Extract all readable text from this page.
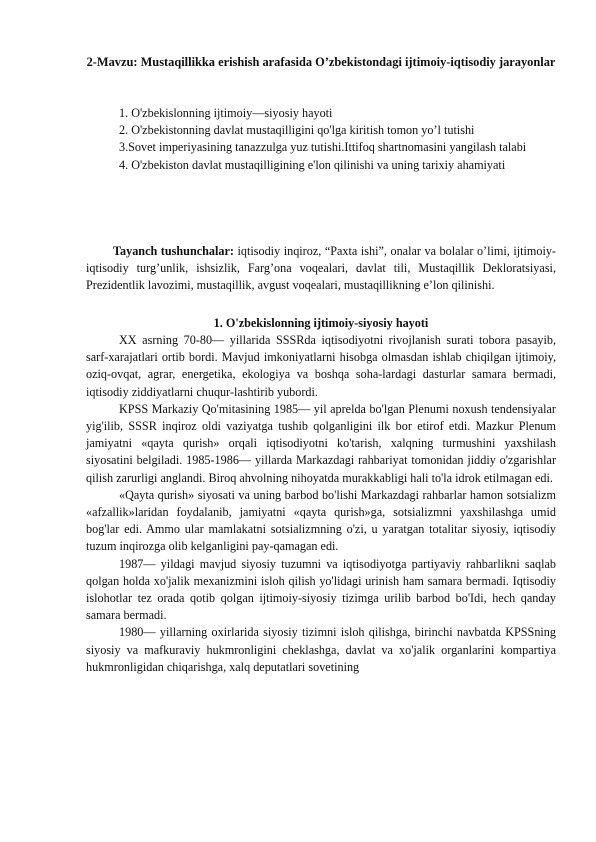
2-Mavzu: Mustaqillikka erishish arafasida O’zbekistondagi ijtimoiy-iqtisodiy jarayonlar
1. O'zbekislonning ijtimoiy—siyosiy hayoti
2. O'zbekistonning davlat mustaqilligini qo'lga kiritish tomon yo’l tutishi
3.Sovet imperiyasining tanazzulga yuz tutishi.Ittifoq shartnomasini yangilash talabi
4. O'zbekiston davlat mustaqilligining e'lon qilinishi va uning tarixiy ahamiyati
Tayanch tushunchalar: iqtisodiy inqiroz, “Paxta ishi”, onalar va bolalar o’limi, ijtimoiy-iqtisodiy turg’unlik, ishsizlik, Farg’ona voqealari, davlat tili, Mustaqillik Dekloratsiyasi, Prezidentlik lavozimi, mustaqillik, avgust voqealari, mustaqillikning e’lon qilinishi.
1. O'zbekislonning ijtimoiy-siyosiy hayoti

XX asrning 70-80— yillarida SSSRda iqtisodiyotni rivojlanish surati tobora pasayib, sarf-xarajatlari ortib bordi. Mavjud imkoniyatlarni hisobga olmasdan ishlab chiqilgan ijtimoiy, oziq-ovqat, agrar, energetika, ekologiya va boshqa soha-lardagi dasturlar samara bermadi, iqtisodiy ziddiyatlarni chuqur-lashtirib yubordi.

KPSS Markaziy Qo'mitasining 1985— yil aprelda bo'lgan Plenumi noxush tendensiyalar yig'ilib, SSSR inqiroz oldi vaziyatga tushib qolganligini ilk bor etirof etdi. Mazkur Plenum jamiyatni «qayta qurish» orqali iqtisodiyotni ko'tarish, xalqning turmushini yaxshilash siyosatini belgiladi. 1985-1986— yillarda Markazdagi rahbariyat tomonidan jiddiy o'zgarishlar qilish zarurligi anglandi. Biroq ahvolning nihoyatda murakkabligi hali to'la idrok etilmagan edi.

«Qayta qurish» siyosati va uning barbod bo'lishi Markazdagi rahbarlar hamon sotsializm «afzallik»laridan foydalanib, jamiyatni «qayta qurish»ga, sotsializmni yaxshilashga umid bog'lar edi. Ammo ular mamlakatni sotsializmning o'zi, u yaratgan totalitar siyosiy, iqtisodiy tuzum inqirozga olib kelganligini pay-qamagan edi.

1987— yildagi mavjud siyosiy tuzumni va iqtisodiyotga partiyaviy rahbarlikni saqlab qolgan holda xo'jalik mexanizmini isloh qilish yo'lidagi urinish ham samara bermadi. Iqtisodiy islohotlar tez orada qotib qolgan ijtimoiy-siyosiy tizimga urilib barbod bo'Idi, hech qanday samara bermadi.

1980— yillarning oxirlarida siyosiy tizimni isloh qilishga, birinchi navbatda KPSSning siyosiy va mafkuraviy hukmronligini cheklashga, davlat va xo'jalik organlarini kompartiya hukmronligidan chiqarishga, xalq deputatlari sovetining
